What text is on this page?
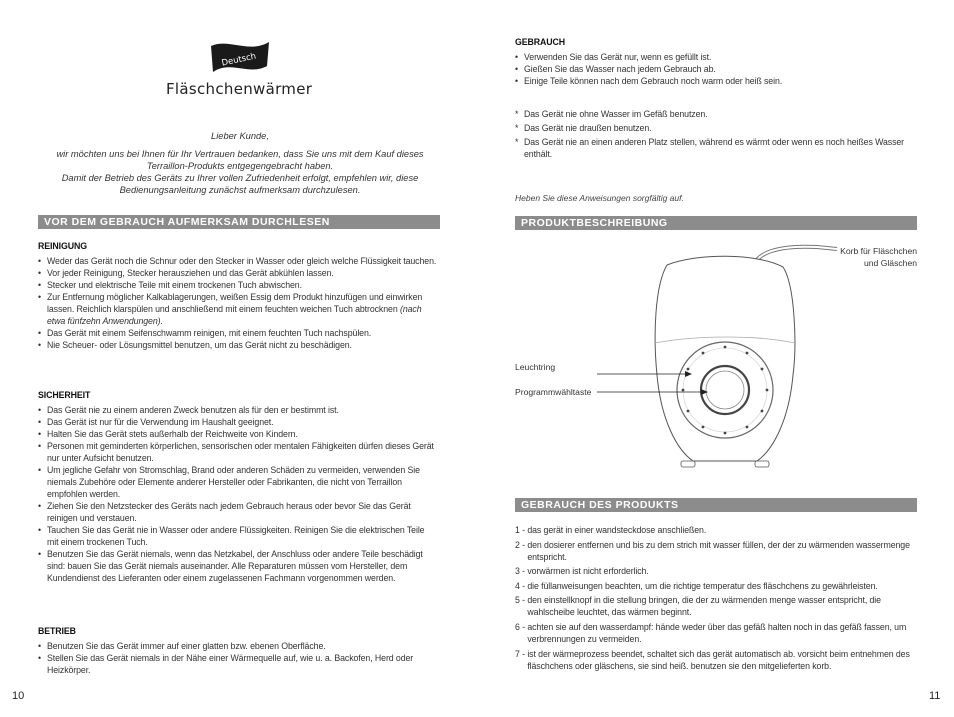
Deutsch
Fläschchenwärmer

Lieber Kunde,

wir möchten uns bei Ihnen für Ihr Vertrauen bedanken, dass Sie uns mit dem Kauf dieses Terraillon-Produkts entgegengebracht haben.

Damit der Betrieb des Geräts zu Ihrer vollen Zufriedenheit erfolgt, empfehlen wir, diese Bedienungsanleitung zunächst aufmerksam durchzulesen.

VOR DEM GEBRAUCH AUFMERKSAM DURCHLESEN
REINIGUNG
• Weder das Gerät noch die Schnur oder den Stecker in Wasser oder gleich welche Flüssigkeit tauchen.
• Vor jeder Reinigung, Stecker herausziehen und das Gerät abkühlen lassen.
• Stecker und elektrische Teile mit einem trockenen Tuch abwischen.
• Zur Entfernung möglicher Kalkablagerungen, weißen Essig dem Produkt hinzufügen und einwirken lassen. Reichlich klarspülen und anschließend mit einem feuchten weichen Tuch abtrocknen (nach etwa fünfzehn Anwendungen).
• Das Gerät mit einem Seifenschwamm reinigen, mit einem feuchten Tuch nachspülen.
• Nie Scheuer- oder Lösungsmittel benutzen, um das Gerät nicht zu beschädigen.
SICHERHEIT
• Das Gerät nie zu einem anderen Zweck benutzen als für den er bestimmt ist.
• Das Gerät ist nur für die Verwendung im Haushalt geeignet.
• Halten Sie das Gerät stets außerhalb der Reichweite von Kindern.
• Personen mit geminderten körperlichen, sensorischen oder mentalen Fähigkeiten dürfen dieses Gerät nur unter Aufsicht benutzen.
• Um jegliche Gefahr von Stromschlag, Brand oder anderen Schäden zu vermeiden, verwenden Sie niemals Zubehöre oder Elemente anderer Hersteller oder Fabrikanten, die nicht von Terraillon empfohlen werden.
• Ziehen Sie den Netzstecker des Geräts nach jedem Gebrauch heraus oder bevor Sie das Gerät reinigen und verstauen.
• Tauchen Sie das Gerät nie in Wasser oder andere Flüssigkeiten. Reinigen Sie die elektrischen Teile mit einem trockenen Tuch.
• Benutzen Sie das Gerät niemals, wenn das Netzkabel, der Anschluss oder andere Teile beschädigt sind: bauen Sie das Gerät niemals auseinander. Alle Reparaturen müssen vom Hersteller, dem Kundendienst des Lieferanten oder einem zugelassenen Fachmann vorgenommen werden.
BETRIEB
• Benutzen Sie das Gerät immer auf einer glatten bzw. ebenen Oberfläche.
• Stellen Sie das Gerät niemals in der Nähe einer Wärmequelle auf, wie u. a. Backofen, Herd oder Heizkörper.
10
GEBRAUCH
• Verwenden Sie das Gerät nur, wenn es gefüllt ist.
• Gießen Sie das Wasser nach jedem Gebrauch ab.
• Einige Teile können nach dem Gebrauch noch warm oder heiß sein.
* Das Gerät nie ohne Wasser im Gefäß benutzen.
* Das Gerät nie draußen benutzen.
* Das Gerät nie an einen anderen Platz stellen, während es wärmt oder wenn es noch heißes Wasser enthält.
Heben Sie diese Anweisungen sorgfältig auf.
PRODUKTBESCHREIBUNG
Korb für Fläschchen und Gläschen
Leuchtring
Programmwähltaste
GEBRAUCH DES PRODUKTS
1 - das gerät in einer wandsteckdose anschließen.
2 - den dosierer entfernen und bis zu dem strich mit wasser füllen, der der zu wärmenden wassermenge entspricht.
3 - vorwärmen ist nicht erforderlich.
4 - die füllanweisungen beachten, um die richtige temperatur des fläschchens zu gewährleisten.
5 - den einstellknopf in die stellung bringen, die der zu wärmenden menge wasser entspricht, die wahlscheibe leuchtet, das wärmen beginnt.
6 - achten sie auf den wasserdampf: hände weder über das gefäß halten noch in das gefäß fassen, um verbrennungen zu vermeiden.
7 - ist der wärmeprozess beendet, schaltet sich das gerät automatisch ab. vorsicht beim entnehmen des fläschchens oder gläschens, sie sind heiß. benutzen sie den mitgelieferten korb.
11
